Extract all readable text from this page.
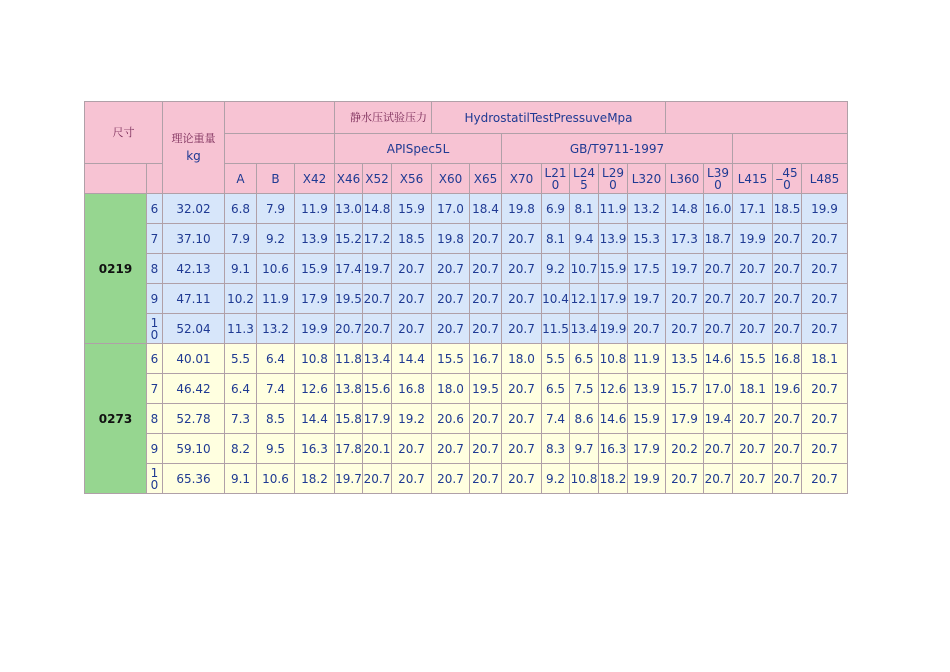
尺寸		理论重量
kg				静水压试验压力			HydrostatilTestPressuveMpa											
						APISpec5L					GB/T9711-1997									
			A	B	X42	X46	X52	X56	X60	X65	X70	L210	L245	L290	L320	L360	L390	L415	_450	L485
0219	6	32.02	6.8	7.9	11.9	13.0	14.8	15.9	17.0	18.4	19.8	6.9	8.1	11.9	13.2	14.8	16.0	17.1	18.5	19.9
	7	37.10	7.9	9.2	13.9	15.2	17.2	18.5	19.8	20.7	20.7	8.1	9.4	13.9	15.3	17.3	18.7	19.9	20.7	20.7
	8	42.13	9.1	10.6	15.9	17.4	19.7	20.7	20.7	20.7	20.7	9.2	10.7	15.9	17.5	19.7	20.7	20.7	20.7	20.7
	9	47.11	10.2	11.9	17.9	19.5	20.7	20.7	20.7	20.7	20.7	10.4	12.1	17.9	19.7	20.7	20.7	20.7	20.7	20.7
	10	52.04	11.3	13.2	19.9	20.7	20.7	20.7	20.7	20.7	20.7	11.5	13.4	19.9	20.7	20.7	20.7	20.7	20.7	20.7
0273	6	40.01	5.5	6.4	10.8	11.8	13.4	14.4	15.5	16.7	18.0	5.5	6.5	10.8	11.9	13.5	14.6	15.5	16.8	18.1
	7	46.42	6.4	7.4	12.6	13.8	15.6	16.8	18.0	19.5	20.7	6.5	7.5	12.6	13.9	15.7	17.0	18.1	19.6	20.7
	8	52.78	7.3	8.5	14.4	15.8	17.9	19.2	20.6	20.7	20.7	7.4	8.6	14.6	15.9	17.9	19.4	20.7	20.7	20.7
	9	59.10	8.2	9.5	16.3	17.8	20.1	20.7	20.7	20.7	20.7	8.3	9.7	16.3	17.9	20.2	20.7	20.7	20.7	20.7
	10	65.36	9.1	10.6	18.2	19.7	20.7	20.7	20.7	20.7	20.7	9.2	10.8	18.2	19.9	20.7	20.7	20.7	20.7	20.7
